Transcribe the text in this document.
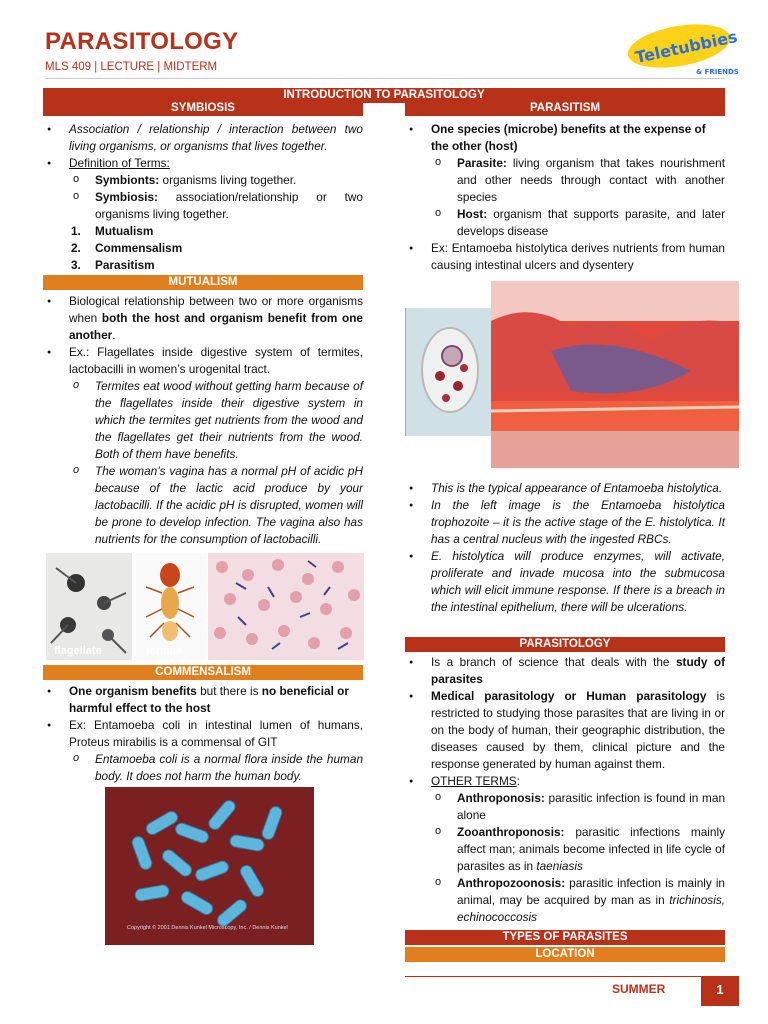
PARASITOLOGY
MLS 409 | LECTURE | MIDTERM	Teletubbies
& FRIENDS
INTRODUCTION TO PARASITOLOGY
SYMBIOSIS	PARASITISM

● Association / relationship / interaction between two living organisms, or organisms that lives together.

● Definition of Terms:

o Symbionts: organisms living together.

o Symbiosis: association/relationship or two organisms living together.

1. Mutualism

2. Commensalism

3. Parasitism

MUTUALISM

● Biological relationship between two or more organisms when both the host and organism benefit from one another.

● Ex.: Flagellates inside digestive system of termites, lactobacilli in women’s urogenital tract.

o Termites eat wood without getting harm because of the flagellates inside their digestive system in which the termites get nutrients from the wood and the flagellates get their nutrients from the wood. Both of them have benefits.

o The woman’s vagina has a normal pH of acidic pH because of the lactic acid produce by your lactobacilli. If the acidic pH is disrupted, women will be prone to develop infection. The vagina also has nutrients for the consumption of lactobacilli.

flagellate	termite
COMMENSALISM

● One organism benefits but there is no beneficial or harmful effect to the host

● Ex: Entamoeba coli in intestinal lumen of humans, Proteus mirabilis is a commensal of GIT

o Entamoeba coli is a normal flora inside the human body. It does not harm the human body.

Copyright © 2001 Dennis Kunkel Microscopy, Inc. / Dennis Kunkel

● One species (microbe) benefits at the expense of the other (host)

o Parasite: living organism that takes nourishment and other needs through contact with another species

o Host: organism that supports parasite, and later develops disease

● Ex: Entamoeba histolytica derives nutrients from human causing intestinal ulcers and dysentery

● This is the typical appearance of Entamoeba histolytica.

● In the left image is the Entamoeba histolytica trophozoite – it is the active stage of the E. histolytica. It has a central nucleus with the ingested RBCs.

● E. histolytica will produce enzymes, will activate, proliferate and invade mucosa into the submucosa which will elicit immune response. If there is a breach in the intestinal epithelium, there will be ulcerations.

PARASITOLOGY

● Is a branch of science that deals with the study of parasites

● Medical parasitology or Human parasitology is restricted to studying those parasites that are living in or on the body of human, their geographic distribution, the diseases caused by them, clinical picture and the response generated by human against them.

● OTHER TERMS:

o Anthroponosis: parasitic infection is found in man alone

o Zooanthroponosis: parasitic infections mainly affect man; animals become infected in life cycle of parasites as in taeniasis

o Anthropozoonosis: parasitic infection is mainly in animal, may be acquired by man as in trichinosis, echinococcosis

TYPES OF PARASITES
LOCATION
SUMMER	1
